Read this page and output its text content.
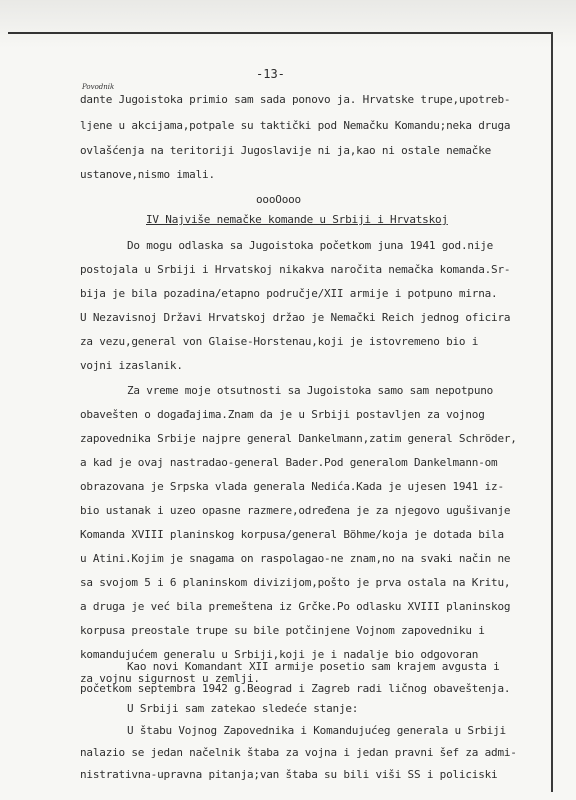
-13-
Povodnik
dante Jugoistoka primio sam sada ponovo ja. Hrvatske trupe,upotreb-
ljene u akcijama,potpale su taktički pod Nemačku Komandu;neka druga
ovlašćenja na teritoriji Jugoslavije ni ja,kao ni ostale nemačke
ustanove,nismo imali.
oooOooo
IV Najviše nemačke komande u Srbiji i Hrvatskoj
Do mogu odlaska sa Jugoistoka početkom juna 1941 god.nije
postojala u Srbiji i Hrvatskoj nikakva naročita nemačka komanda.Sr-
bija je bila pozadina/etapno područje/XII armije i potpuno mirna.
U Nezavisnoj Državi Hrvatskoj držao je Nemački Reich jednog oficira
za vezu,general von Glaise-Horstenau,koji je istovremeno bio i
vojni izaslanik.
Za vreme moje otsutnosti sa Jugoistoka samo sam nepotpuno
obavešten o događajima.Znam da je u Srbiji postavljen za vojnog
zapovednika Srbije najpre general Dankelmann,zatim general Schröder,
a kad je ovaj nastradao-general Bader.Pod generalom Dankelmann-om
obrazovana je Srpska vlada generala Nedića.Kada je ujesen 1941 iz-
bio ustanak i uzeo opasne razmere,određena je za njegovo ugušivanje
Komanda XVIII planinskog korpusa/general Böhme/koja je dotada bila
u Atini.Kojim je snagama on raspolagao-ne znam,no na svaki način ne
sa svojom 5 i 6 planinskom divizijom,pošto je prva ostala na Kritu,
a druga je već bila premeštena iz Grčke.Po odlasku XVIII planinskog
korpusa preostale trupe su bile potčinjene Vojnom zapovedniku i
komandujućem generalu u Srbiji,koji je i nadalje bio odgovoran
za vojnu sigurnost u zemlji.
Kao novi Komandant XII armije posetio sam krajem avgusta i
početkom septembra 1942 g.Beograd i Zagreb radi ličnog obaveštenja.
U Srbiji sam zatekao sledeće stanje:
U štabu Vojnog Zapovednika i Komandujućeg generala u Srbiji
nalazio se jedan načelnik štaba za vojna i jedan pravni šef za admi-
nistrativna-upravna pitanja;van štaba su bili viši SS i policiski
